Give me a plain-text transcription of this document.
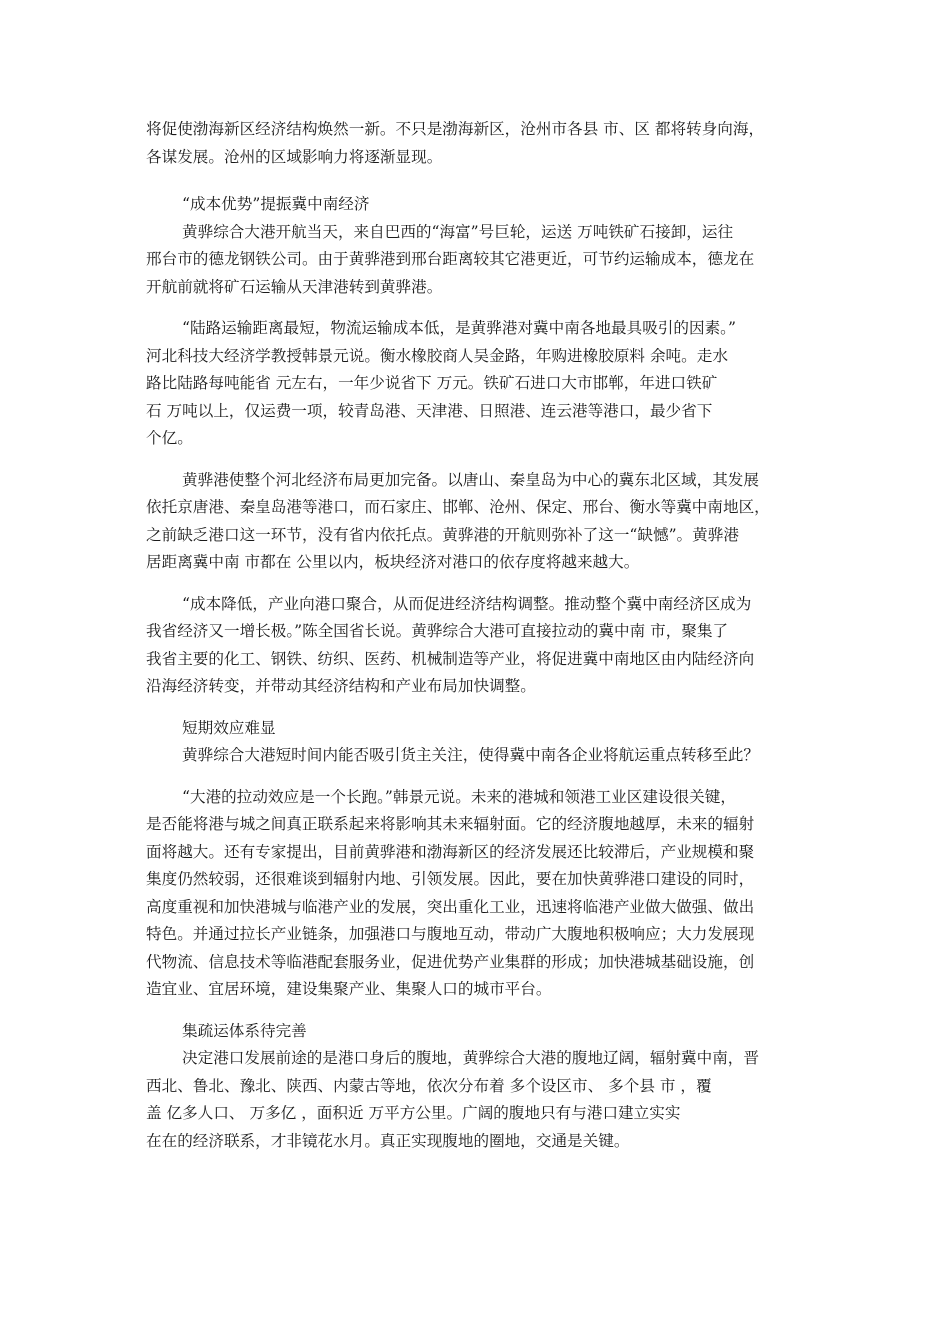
将促使渤海新区经济结构焕然一新。不只是渤海新区，沧州市各县 市、区 都将转身向海，
各谋发展。沧州的区域影响力将逐渐显现。

“成本优势”提振冀中南经济

黄骅综合大港开航当天，来自巴西的“海富”号巨轮，运送 万吨铁矿石接卸，运往
邢台市的德龙钢铁公司。由于黄骅港到邢台距离较其它港更近，可节约运输成本，德龙在
开航前就将矿石运输从天津港转到黄骅港。

“陆路运输距离最短，物流运输成本低，是黄骅港对冀中南各地最具吸引的因素。”
河北科技大经济学教授韩景元说。衡水橡胶商人吴金路，年购进橡胶原料 余吨。走水
路比陆路每吨能省 元左右，一年少说省下 万元。铁矿石进口大市邯郸，年进口铁矿
石 万吨以上，仅运费一项，较青岛港、天津港、日照港、连云港等港口，最少省下
个亿。

黄骅港使整个河北经济布局更加完备。以唐山、秦皇岛为中心的冀东北区域，其发展
依托京唐港、秦皇岛港等港口，而石家庄、邯郸、沧州、保定、邢台、衡水等冀中南地区，
之前缺乏港口这一环节，没有省内依托点。黄骅港的开航则弥补了这一“缺憾”。黄骅港
居距离冀中南 市都在 公里以内，板块经济对港口的依存度将越来越大。

“成本降低，产业向港口聚合，从而促进经济结构调整。推动整个冀中南经济区成为
我省经济又一增长极。”陈全国省长说。黄骅综合大港可直接拉动的冀中南 市，聚集了
我省主要的化工、钢铁、纺织、医药、机械制造等产业，将促进冀中南地区由内陆经济向
沿海经济转变，并带动其经济结构和产业布局加快调整。

短期效应难显

黄骅综合大港短时间内能否吸引货主关注，使得冀中南各企业将航运重点转移至此？

“大港的拉动效应是一个长跑。”韩景元说。未来的港城和领港工业区建设很关键，
是否能将港与城之间真正联系起来将影响其未来辐射面。它的经济腹地越厚，未来的辐射
面将越大。还有专家提出，目前黄骅港和渤海新区的经济发展还比较滞后，产业规模和聚
集度仍然较弱，还很难谈到辐射内地、引领发展。因此，要在加快黄骅港口建设的同时，
高度重视和加快港城与临港产业的发展，突出重化工业，迅速将临港产业做大做强、做出
特色。并通过拉长产业链条，加强港口与腹地互动，带动广大腹地积极响应；大力发展现
代物流、信息技术等临港配套服务业，促进优势产业集群的形成；加快港城基础设施，创
造宜业、宜居环境，建设集聚产业、集聚人口的城市平台。

集疏运体系待完善

决定港口发展前途的是港口身后的腹地，黄骅综合大港的腹地辽阔，辐射冀中南，晋
西北、鲁北、豫北、陕西、内蒙古等地，依次分布着 多个设区市、 多个县 市 ，覆
盖 亿多人口、 万多亿 ，面积近 万平方公里。广阔的腹地只有与港口建立实实
在在的经济联系，才非镜花水月。真正实现腹地的圈地，交通是关键。
